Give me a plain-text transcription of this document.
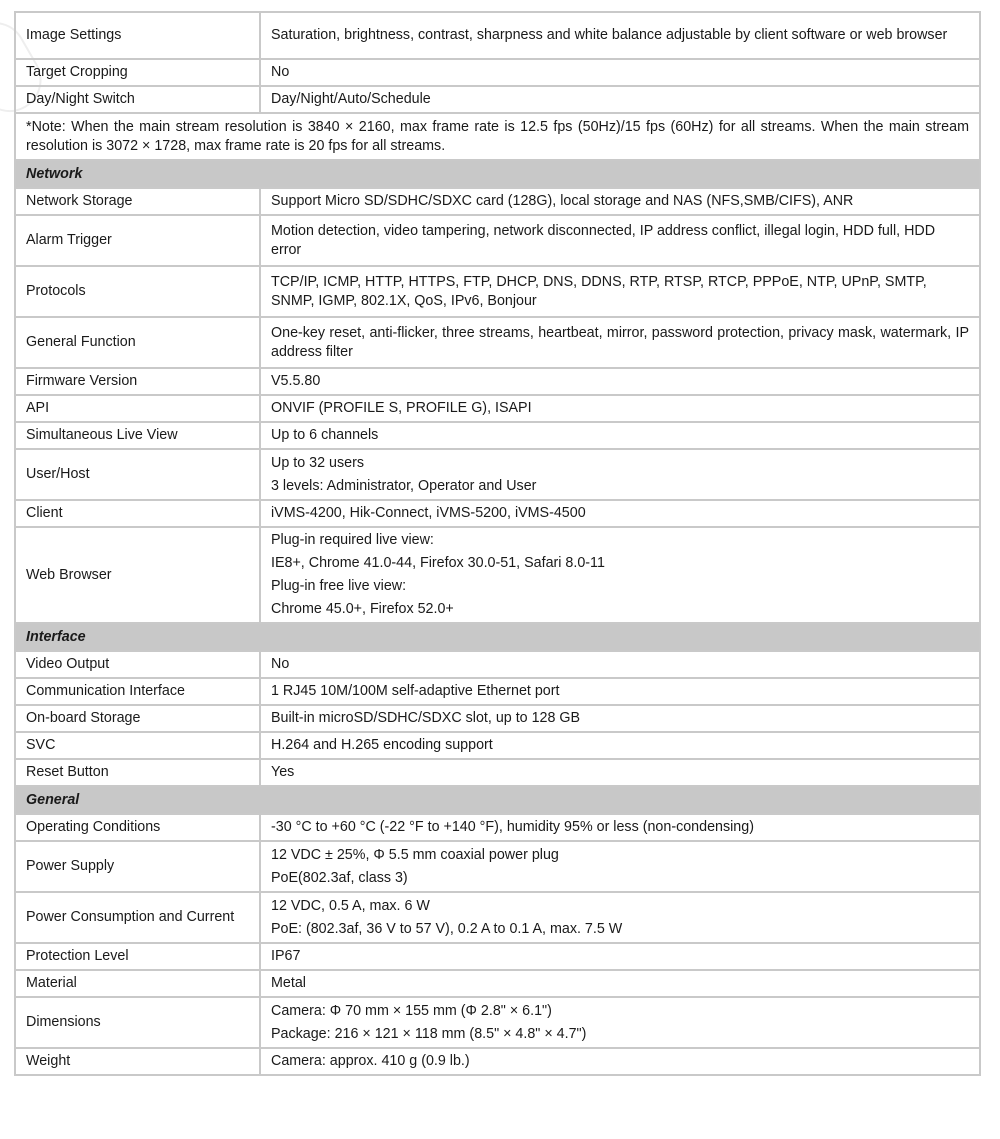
Image Settings	Saturation, brightness, contrast, sharpness and white balance adjustable by client software or web browser
Target Cropping	No
Day/Night Switch	Day/Night/Auto/Schedule
*Note: When the main stream resolution is 3840 × 2160, max frame rate is 12.5 fps (50Hz)/15 fps (60Hz) for all streams. When the main stream resolution is 3072 × 1728, max frame rate is 20 fps for all streams.	
Network	
Network Storage	Support Micro SD/SDHC/SDXC card (128G), local storage and NAS (NFS,SMB/CIFS), ANR
Alarm Trigger	Motion detection, video tampering, network disconnected, IP address conflict, illegal login, HDD full, HDD error
Protocols	TCP/IP, ICMP, HTTP, HTTPS, FTP, DHCP, DNS, DDNS, RTP, RTSP, RTCP, PPPoE, NTP, UPnP, SMTP, SNMP, IGMP, 802.1X, QoS, IPv6, Bonjour
General Function	One-key reset, anti-flicker, three streams, heartbeat, mirror, password protection, privacy mask, watermark, IP address filter
Firmware Version	V5.5.80
API	ONVIF (PROFILE S, PROFILE G), ISAPI
Simultaneous Live View	Up to 6 channels
User/Host	Up to 32 users
3 levels: Administrator, Operator and User

Client	iVMS-4200, Hik-Connect, iVMS-5200, iVMS-4500
Web Browser	Plug-in required live view:
IE8+, Chrome 41.0-44, Firefox 30.0-51, Safari 8.0-11
Plug-in free live view:
Chrome 45.0+, Firefox 52.0+

Interface	
Video Output	No
Communication Interface	1 RJ45 10M/100M self-adaptive Ethernet port
On-board Storage	Built-in microSD/SDHC/SDXC slot, up to 128 GB
SVC	H.264 and H.265 encoding support
Reset Button	Yes
General	
Operating Conditions	-30 °C to +60 °C (-22 °F to +140 °F), humidity 95% or less (non-condensing)
Power Supply	12 VDC ± 25%, Φ 5.5 mm coaxial power plug
PoE(802.3af, class 3)

Power Consumption and Current	12 VDC, 0.5 A, max. 6 W
PoE: (802.3af, 36 V to 57 V), 0.2 A to 0.1 A, max. 7.5 W

Protection Level	IP67
Material	Metal
Dimensions	Camera: Φ 70 mm × 155 mm (Φ 2.8" × 6.1")
Package: 216 × 121 × 118 mm (8.5" × 4.8" × 4.7")

Weight	Camera: approx. 410 g (0.9 lb.)
